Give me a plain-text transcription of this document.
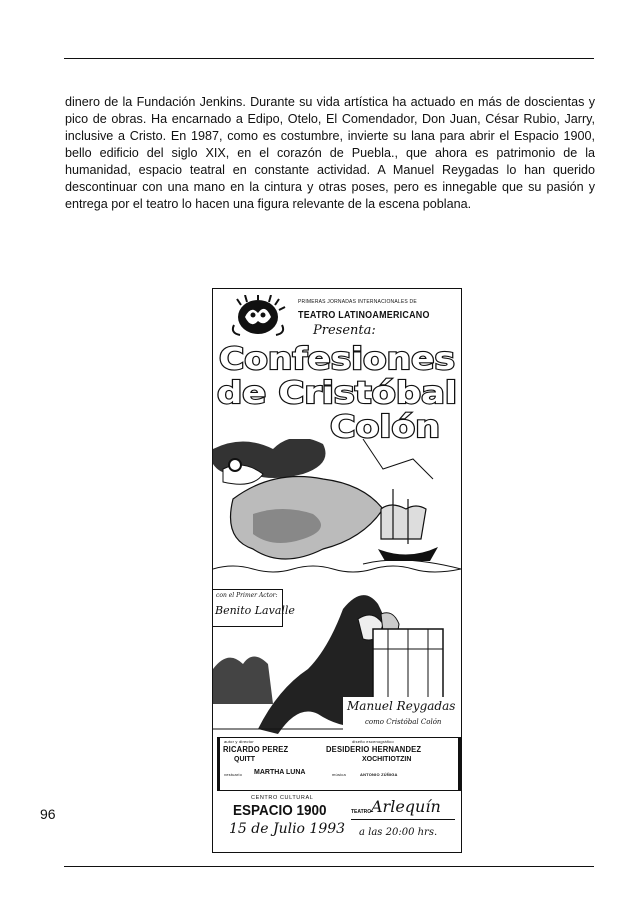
dinero de la Fundación Jenkins. Durante su vida artística ha actuado en más de doscientas y pico de obras. Ha encarnado a Edipo, Otelo, El Comendador, Don Juan, César Rubio, Jarry, inclusive a Cristo. En 1987, como es costumbre, invierte su lana para abrir el Espacio 1900, bello edificio del siglo XIX, en el corazón de Puebla., que ahora es patrimonio de la humanidad, espacio teatral en constante actividad. A Manuel Reygadas lo han querido descontinuar con una mano en la cintura y otras poses, pero es innegable que su pasión y entrega por el teatro lo hacen una figura relevante de la escena poblana.

PRIMERAS JORNADAS INTERNACIONALES DE
TEATRO LATINOAMERICANO
Presenta:
Confesiones
de Cristóbal
Colón
con el Primer Actor:
Benito Lavalle
Manuel Reygadas
como Cristóbal Colón
autor y director
RICARDO PEREZ
QUITT
diseño escenográfico
DESIDERIO HERNANDEZ
XOCHITIOTZIN
vestuario MARTHA LUNA	música	ANTONIO ZÚÑIGA
CENTRO CULTURAL
ESPACIO 1900
15 de Julio 1993
TEATRO Arlequín
a las 20:00 hrs.
96
